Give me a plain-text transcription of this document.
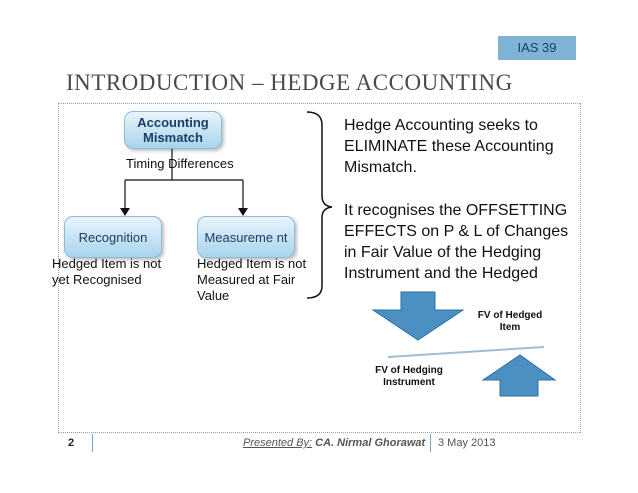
IAS 39
INTRODUCTION – HEDGE ACCOUNTING
Accounting Mismatch
Timing Differences
Recognition	Measureme nt
Hedged Item is not yet Recognised
Hedged Item is not Measured at Fair Value
Hedge Accounting seeks to ELIMINATE these Accounting Mismatch.
It recognises the OFFSETTING EFFECTS on P & L of Changes in Fair Value of the Hedging Instrument and the Hedged
FV of Hedged Item
FV of Hedging Instrument
2	Presented By: CA. Nirmal Ghorawat 3 May 2013
